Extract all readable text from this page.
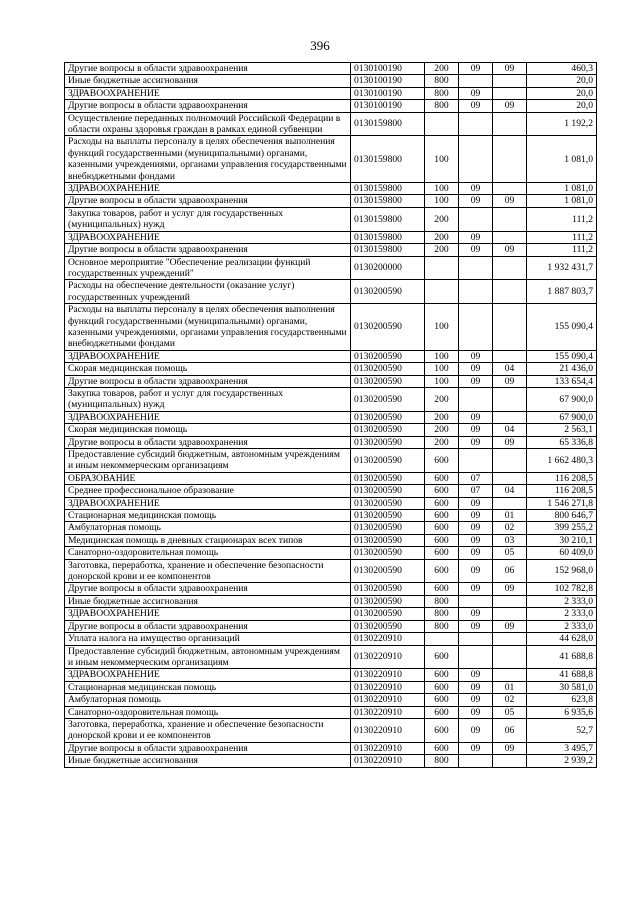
396
Другие вопросы в области здравоохранения	0130100190	200	09	09	460,3
Иные бюджетные ассигнования	0130100190	800			20,0
ЗДРАВООХРАНЕНИЕ	0130100190	800	09		20,0
Другие вопросы в области здравоохранения	0130100190	800	09	09	20,0
Осуществление переданных полномочий Российской Федерации в области охраны здоровья граждан в рамках единой субвенции	0130159800				1 192,2
Расходы на выплаты персоналу в целях обеспечения выполнения функций государственными (муниципальными) органами, казенными учреждениями, органами управления государственными внебюджетными фондами	0130159800	100			1 081,0
ЗДРАВООХРАНЕНИЕ	0130159800	100	09		1 081,0
Другие вопросы в области здравоохранения	0130159800	100	09	09	1 081,0
Закупка товаров, работ и услуг для государственных (муниципальных) нужд	0130159800	200			111,2
ЗДРАВООХРАНЕНИЕ	0130159800	200	09		111,2
Другие вопросы в области здравоохранения	0130159800	200	09	09	111,2
Основное мероприятие "Обеспечение реализации функций государственных учреждений"	0130200000				1 932 431,7
Расходы на обеспечение деятельности (оказание услуг) государственных учреждений	0130200590				1 887 803,7
Расходы на выплаты персоналу в целях обеспечения выполнения функций государственными (муниципальными) органами, казенными учреждениями, органами управления государственными внебюджетными фондами	0130200590	100			155 090,4
ЗДРАВООХРАНЕНИЕ	0130200590	100	09		155 090,4
Скорая медицинская помощь	0130200590	100	09	04	21 436,0
Другие вопросы в области здравоохранения	0130200590	100	09	09	133 654,4
Закупка товаров, работ и услуг для государственных (муниципальных) нужд	0130200590	200			67 900,0
ЗДРАВООХРАНЕНИЕ	0130200590	200	09		67 900,0
Скорая медицинская помощь	0130200590	200	09	04	2 563,1
Другие вопросы в области здравоохранения	0130200590	200	09	09	65 336,8
Предоставление субсидий бюджетным, автономным учреждениям и иным некоммерческим организациям	0130200590	600			1 662 480,3
ОБРАЗОВАНИЕ	0130200590	600	07		116 208,5
Среднее профессиональное образование	0130200590	600	07	04	116 208,5
ЗДРАВООХРАНЕНИЕ	0130200590	600	09		1 546 271,8
Стационарная медицинская помощь	0130200590	600	09	01	800 646,7
Амбулаторная помощь	0130200590	600	09	02	399 255,2
Медицинская помощь в дневных стационарах всех типов	0130200590	600	09	03	30 210,1
Санаторно-оздоровительная помощь	0130200590	600	09	05	60 409,0
Заготовка, переработка, хранение и обеспечение безопасности донорской крови и ее компонентов	0130200590	600	09	06	152 968,0
Другие вопросы в области здравоохранения	0130200590	600	09	09	102 782,8
Иные бюджетные ассигнования	0130200590	800			2 333,0
ЗДРАВООХРАНЕНИЕ	0130200590	800	09		2 333,0
Другие вопросы в области здравоохранения	0130200590	800	09	09	2 333,0
Уплата налога на имущество организаций	0130220910				44 628,0
Предоставление субсидий бюджетным, автономным учреждениям и иным некоммерческим организациям	0130220910	600			41 688,8
ЗДРАВООХРАНЕНИЕ	0130220910	600	09		41 688,8
Стационарная медицинская помощь	0130220910	600	09	01	30 581,0
Амбулаторная помощь	0130220910	600	09	02	623,8
Санаторно-оздоровительная помощь	0130220910	600	09	05	6 935,6
Заготовка, переработка, хранение и обеспечение безопасности донорской крови и ее компонентов	0130220910	600	09	06	52,7
Другие вопросы в области здравоохранения	0130220910	600	09	09	3 495,7
Иные бюджетные ассигнования	0130220910	800			2 939,2
